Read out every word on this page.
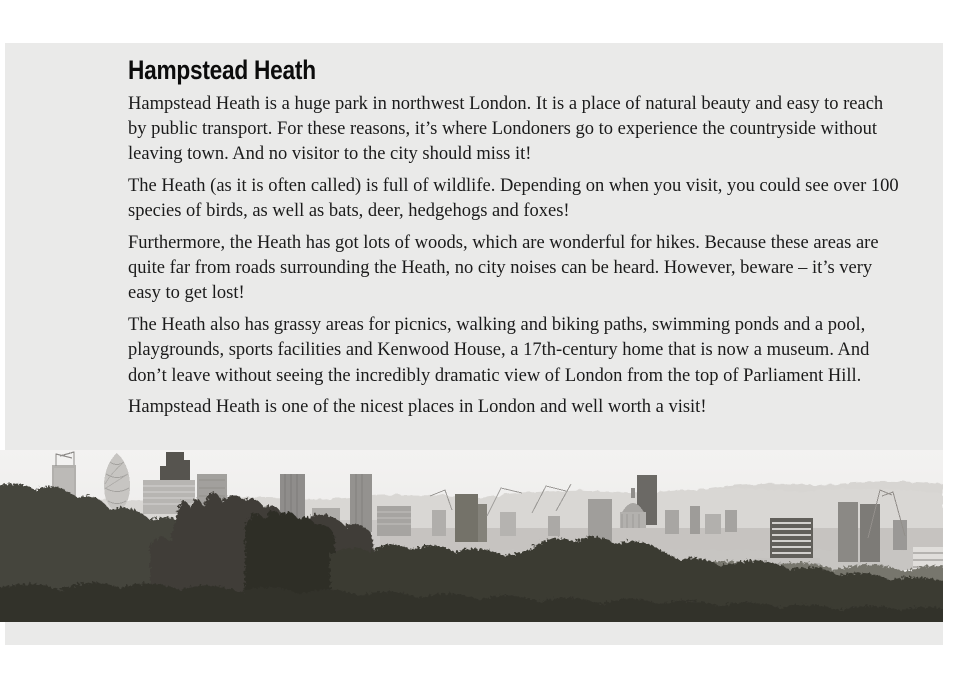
Hampstead Heath

Hampstead Heath is a huge park in northwest London. It is a place of natural beauty and easy to reach by public transport. For these reasons, it’s where Londoners go to experience the countryside without leaving town. And no visitor to the city should miss it!

The Heath (as it is often called) is full of wildlife. Depending on when you visit, you could see over 100 species of birds, as well as bats, deer, hedgehogs and foxes!

Furthermore, the Heath has got lots of woods, which are wonderful for hikes. Because these areas are quite far from roads surrounding the Heath, no city noises can be heard. However, beware – it’s very easy to get lost!

The Heath also has grassy areas for picnics, walking and biking paths, swimming ponds and a pool, playgrounds, sports facilities and Kenwood House, a 17th-century home that is now a museum. And don’t leave without seeing the incredibly dramatic view of London from the top of Parliament Hill.

Hampstead Heath is one of the nicest places in London and well worth a visit!
